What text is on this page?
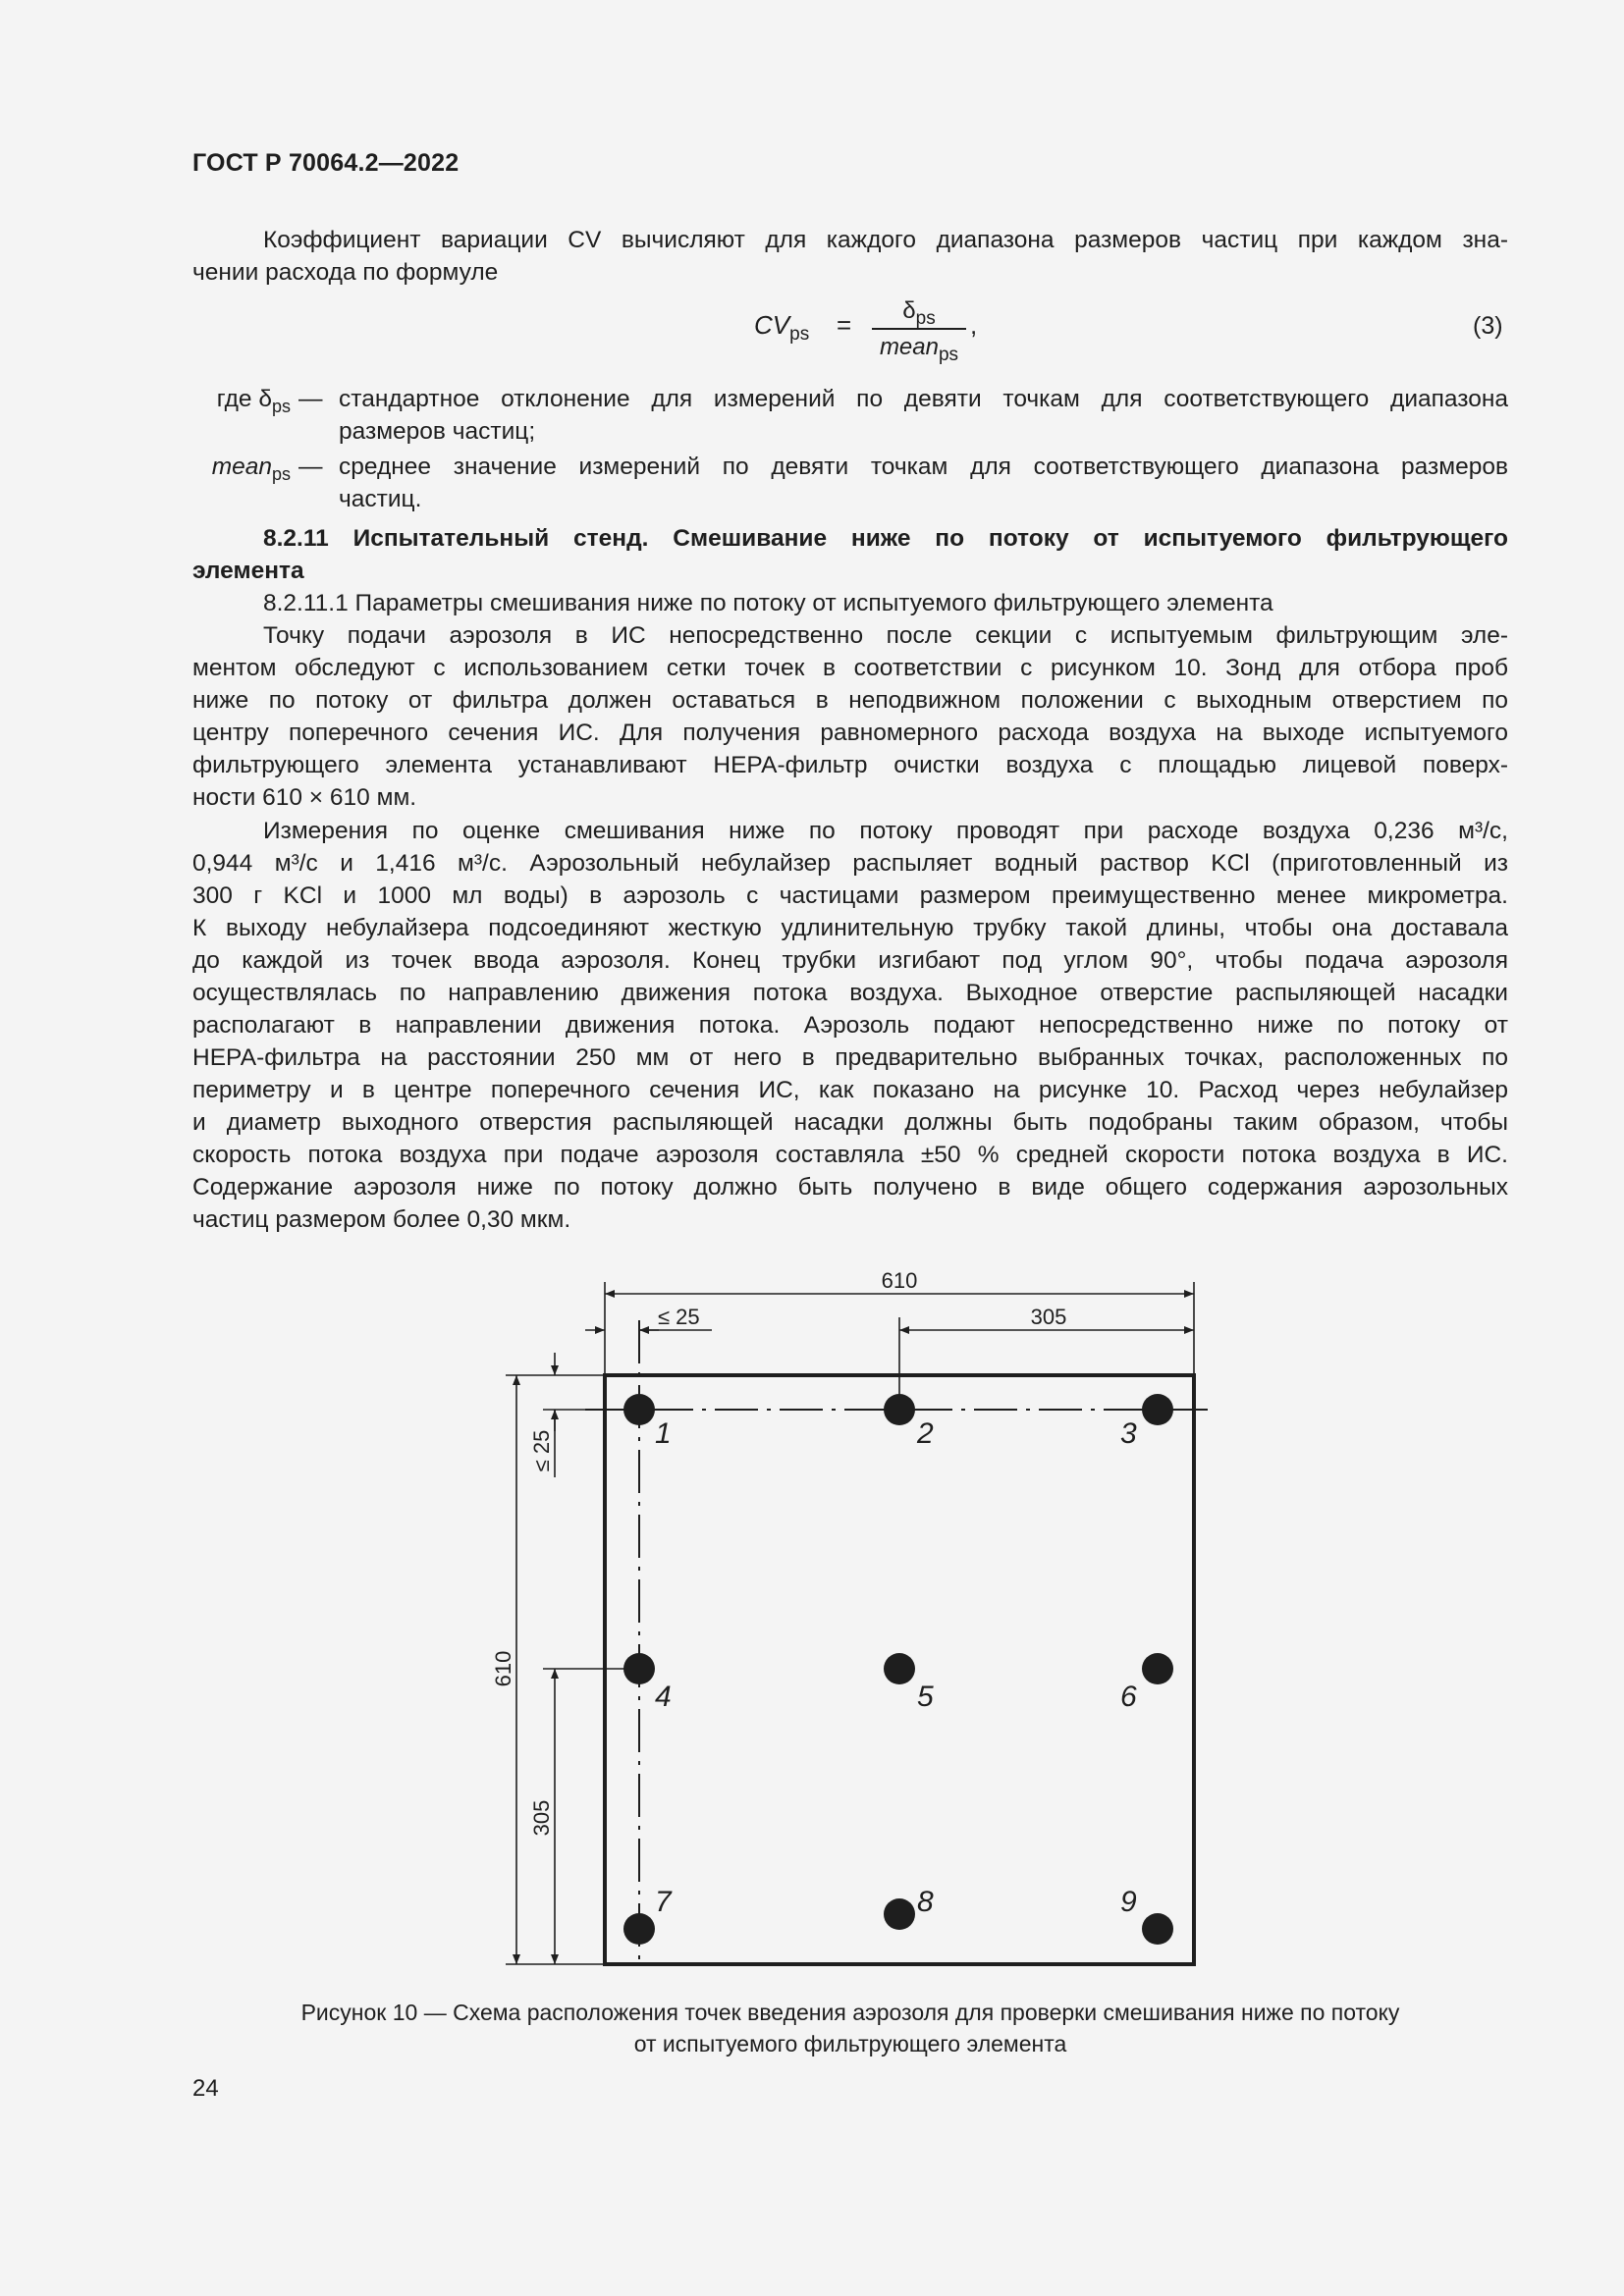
ГОСТ Р 70064.2—2022
Коэффициент вариации CV вычисляют для каждого диапазона размеров частиц при каждом зна-
чении расхода по формуле
$CV_{ps}$ =	$\delta_{ps}$
mean$_{ps}$
,	(3)
где $\delta_{ps}$ — стандартное отклонение для измерений по девяти точкам для соответствующего диапазона
размеров частиц;
mean$_{ps}$ — среднее значение измерений по девяти точкам для соответствующего диапазона размеров
частиц.
8.2.11 Испытательный стенд. Смешивание ниже по потоку от испытуемого фильтрующего
элемента
8.2.11.1 Параметры смешивания ниже по потоку от испытуемого фильтрующего элемента
Точку подачи аэрозоля в ИС непосредственно после секции с испытуемым фильтрующим эле-
ментом обследуют с использованием сетки точек в соответствии с рисунком 10. Зонд для отбора проб
ниже по потоку от фильтра должен оставаться в неподвижном положении с выходным отверстием по
центру поперечного сечения ИС. Для получения равномерного расхода воздуха на выходе испытуемого
фильтрующего элемента устанавливают НЕРА-фильтр очистки воздуха с площадью лицевой поверх-
ности 610 × 610 мм.
Измерения по оценке смешивания ниже по потоку проводят при расходе воздуха 0,236 м³/с,
0,944 м³/с и 1,416 м³/с. Аэрозольный небулайзер распыляет водный раствор KCl (приготовленный из
300 г KCl и 1000 мл воды) в аэрозоль с частицами размером преимущественно менее микрометра.
К выходу небулайзера подсоединяют жесткую удлинительную трубку такой длины, чтобы она доставала
до каждой из точек ввода аэрозоля. Конец трубки изгибают под углом 90°, чтобы подача аэрозоля
осуществлялась по направлению движения потока воздуха. Выходное отверстие распыляющей насадки
располагают в направлении движения потока. Аэрозоль подают непосредственно ниже по потоку от
НЕРА-фильтра на расстоянии 250 мм от него в предварительно выбранных точках, расположенных по
периметру и в центре поперечного сечения ИС, как показано на рисунке 10. Расход через небулайзер
и диаметр выходного отверстия распыляющей насадки должны быть подобраны таким образом, чтобы
скорость потока воздуха при подаче аэрозоля составляла ±50 % средней скорости потока воздуха в ИС.
Содержание аэрозоля ниже по потоку должно быть получено в виде общего содержания аэрозольных
частиц размером более 0,30 мкм.
610
305
≤ 25
610
305
≤ 25	1	2	3
4	5	6
7	8	9
Рисунок 10 — Схема расположения точек введения аэрозоля для проверки смешивания ниже по потоку
от испытуемого фильтрующего элемента
24
